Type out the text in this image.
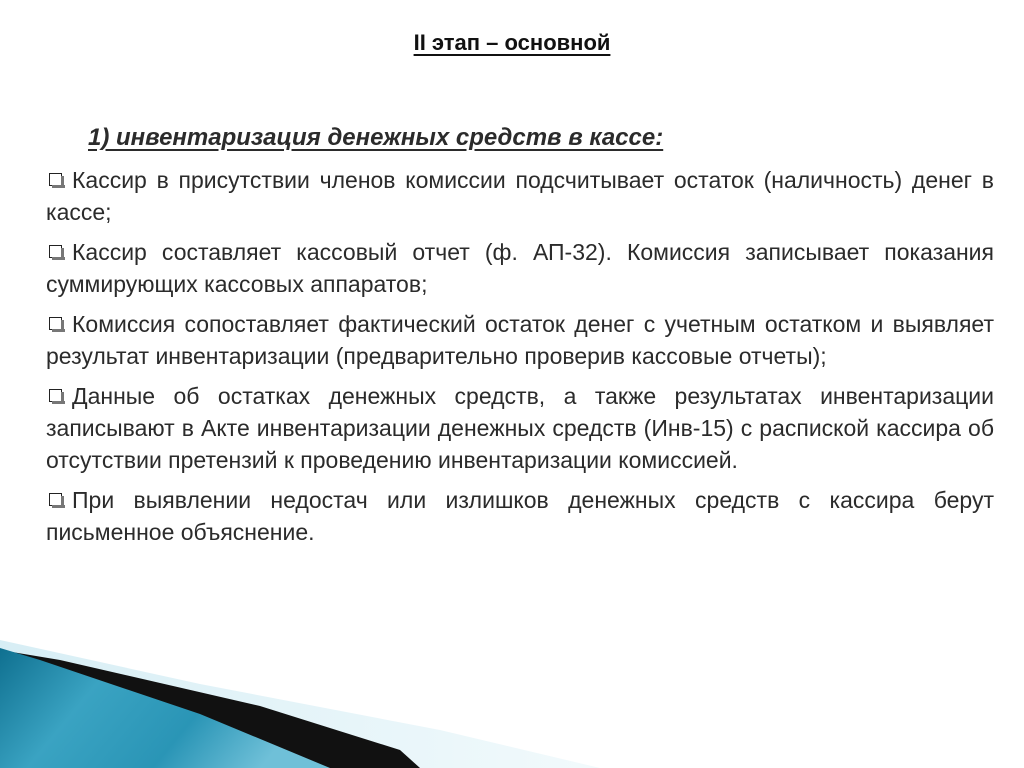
II этап – основной
1) инвентаризация денежных средств в кассе:
Кассир в присутствии членов комиссии подсчитывает остаток (наличность) денег в кассе;
Кассир составляет кассовый отчет (ф. АП-32). Комиссия записывает показания суммирующих кассовых аппаратов;
Комиссия сопоставляет фактический остаток денег с учетным остатком и выявляет результат инвентаризации (предварительно проверив кассовые отчеты);
Данные об остатках денежных средств, а также результатах инвентаризации записывают в Акте инвентаризации денежных средств (Инв-15) с распиской кассира об отсутствии претензий к проведению инвентаризации комиссией.
При выявлении недостач или излишков денежных средств с кассира берут письменное объяснение.
